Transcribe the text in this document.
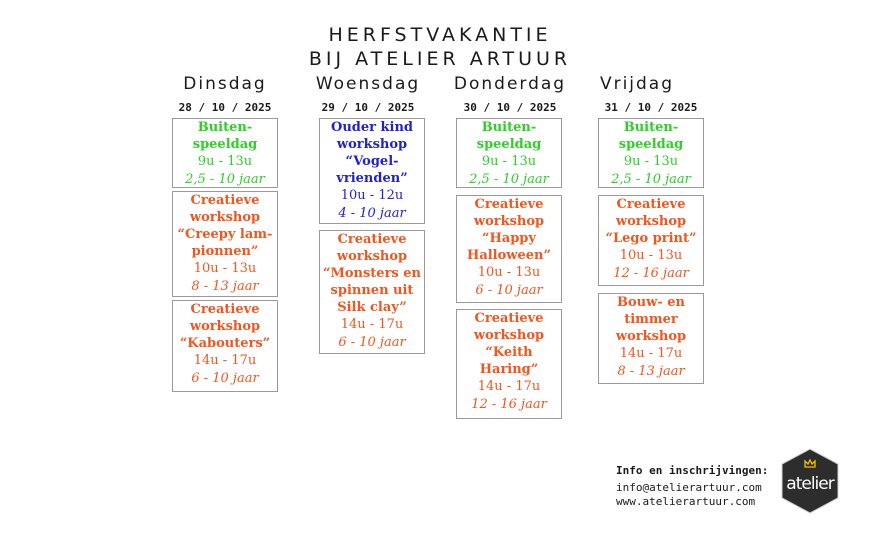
HERFSTVAKANTIE
BIJ ATELIER ARTUUR
Dinsdag
28 / 10 / 2025
Woensdag
29 / 10 / 2025
Donderdag
30 / 10 / 2025
Vrijdag
31 / 10 / 2025
Buiten-
speeldag
9u - 13u
2,5 - 10 jaar
Creatieve
workshop
“Creepy lam-
pionnen”
10u - 13u
8 - 13 jaar
Creatieve
workshop
“Kabouters”
14u - 17u
6 - 10 jaar
Ouder kind
workshop
“Vogel-
vrienden”
10u - 12u
4 - 10 jaar
Creatieve
workshop
“Monsters en
spinnen uit
Silk clay”
14u - 17u
6 - 10 jaar
Buiten-
speeldag
9u - 13u
2,5 - 10 jaar
Creatieve
workshop
“Happy
Halloween”
10u - 13u
6 - 10 jaar
Creatieve
workshop
“Keith
Haring”
14u - 17u
12 - 16 jaar
Buiten-
speeldag
9u - 13u
2,5 - 10 jaar
Creatieve
workshop
“Lego print”
10u - 13u
12 - 16 jaar
Bouw- en
timmer
workshop
14u - 17u
8 - 13 jaar
Info en inschrijvingen:
info@atelierartuur.com
www.atelierartuur.com
atelier
